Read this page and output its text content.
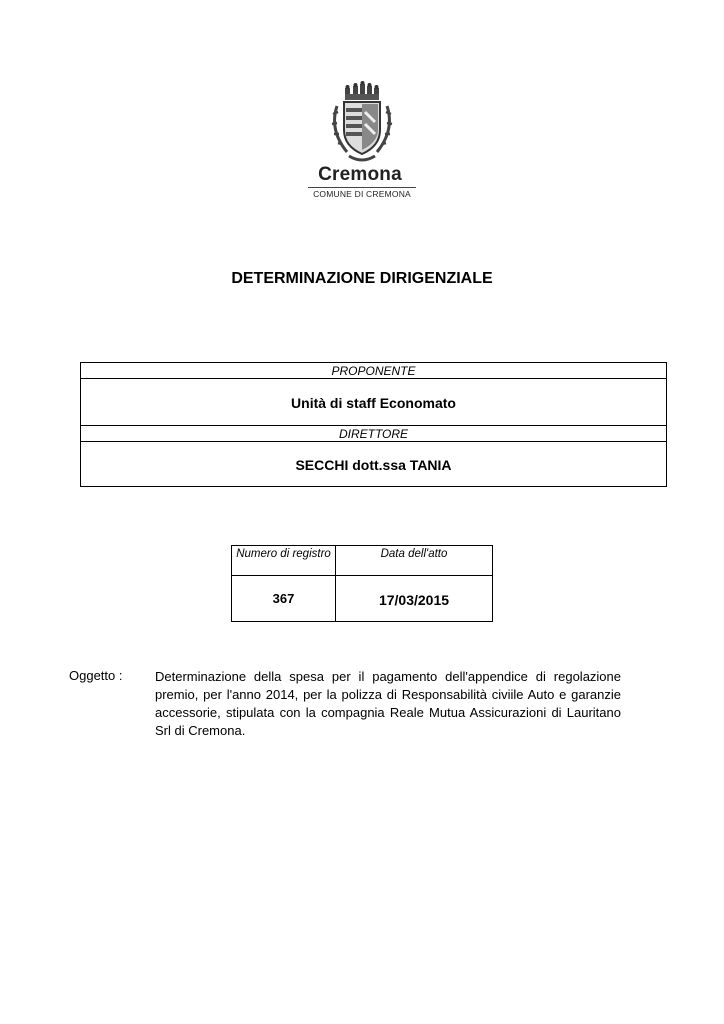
Cremona
COMUNE DI CREMONA
DETERMINAZIONE DIRIGENZIALE
PROPONENTE
Unità di staff Economato
DIRETTORE
SECCHI dott.ssa TANIA
Numero di registro	Data dell'atto
367	17/03/2015
Oggetto :	Determinazione della spesa per il pagamento dell'appendice di regolazione premio, per l'anno 2014, per la polizza di Responsabilità civiile Auto e garanzie accessorie, stipulata con la compagnia Reale Mutua Assicurazioni di Lauritano Srl di Cremona.
